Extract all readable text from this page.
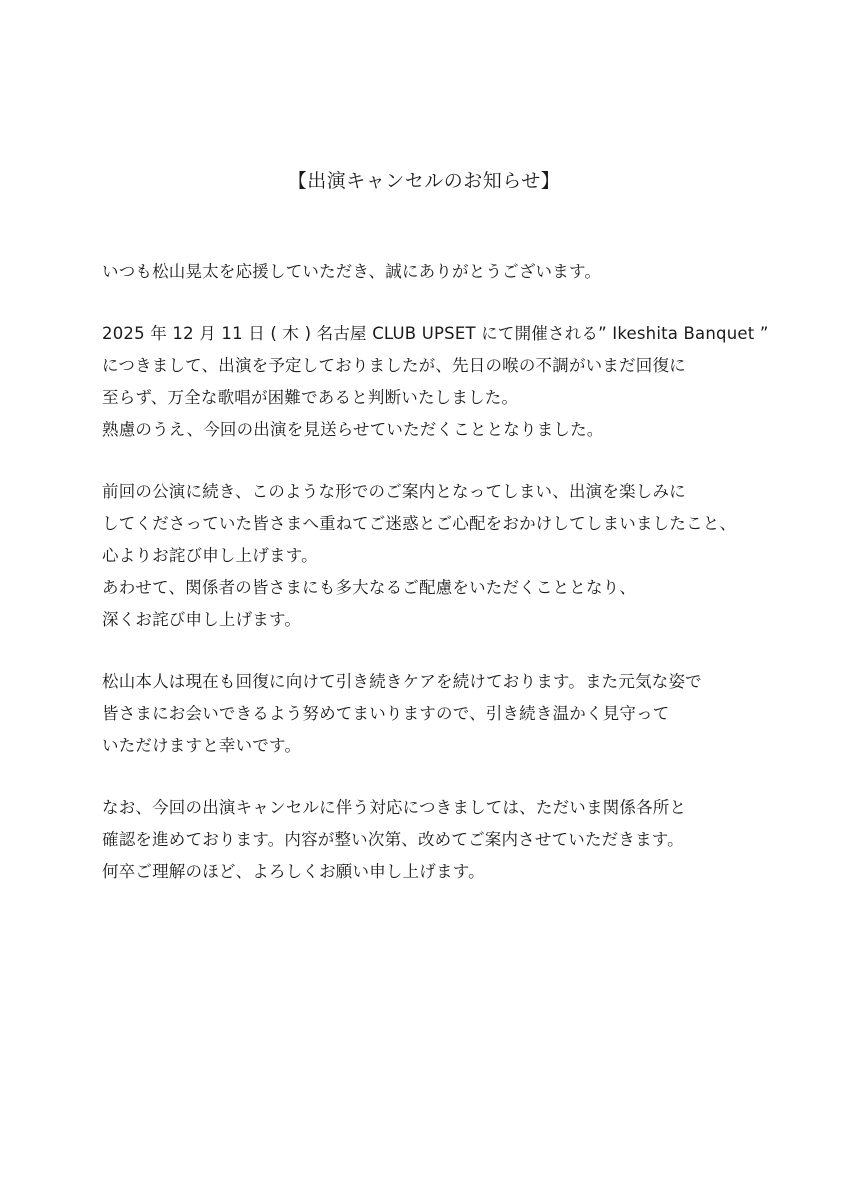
【出演キャンセルのお知らせ】

いつも松山晃太を応援していただき、誠にありがとうございます。

2025 年 12 月 11 日 ( 木 ) 名古屋 CLUB UPSET にて開催される” Ikeshita Banquet ”
につきまして、出演を予定しておりましたが、先日の喉の不調がいまだ回復に
至らず、万全な歌唱が困難であると判断いたしました。
熟慮のうえ、今回の出演を見送らせていただくこととなりました。

前回の公演に続き、このような形でのご案内となってしまい、出演を楽しみに
してくださっていた皆さまへ重ねてご迷惑とご心配をおかけしてしまいましたこと、
心よりお詫び申し上げます。
あわせて、関係者の皆さまにも多大なるご配慮をいただくこととなり、
深くお詫び申し上げます。

松山本人は現在も回復に向けて引き続きケアを続けております。また元気な姿で
皆さまにお会いできるよう努めてまいりますので、引き続き温かく見守って
いただけますと幸いです。

なお、今回の出演キャンセルに伴う対応につきましては、ただいま関係各所と
確認を進めております。内容が整い次第、改めてご案内させていただきます。
何卒ご理解のほど、よろしくお願い申し上げます。
